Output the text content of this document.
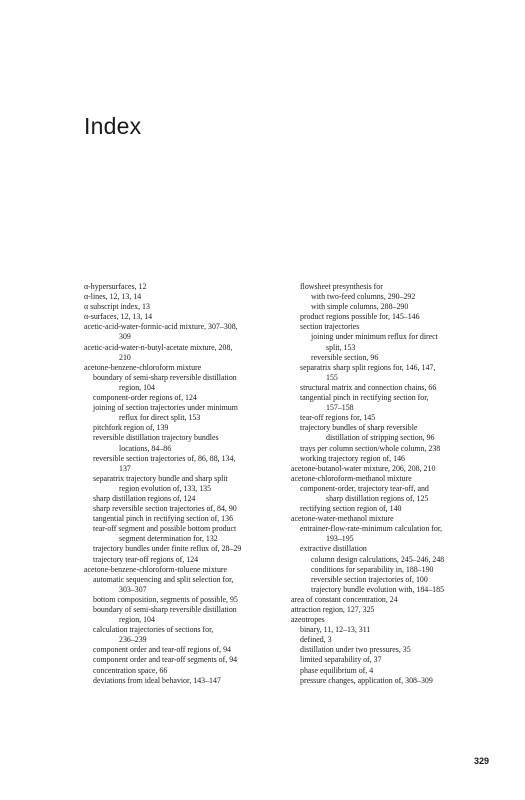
Index
α-hypersurfaces, 12
α-lines, 12, 13, 14
α subscript index, 13
α-surfaces, 12, 13, 14
acetic-acid-water-formic-acid mixture, 307–308,
309
acetic-acid-water-n-butyl-acetate mixture, 208,
210
acetone-benzene-chloroform mixture
boundary of semi-sharp reversible distillation
region, 104
component-order regions of, 124
joining of section trajectories under minimum
reflux for direct split, 153
pitchfork region of, 139
reversible distillation trajectory bundles
locations, 84–86
reversible section trajectories of, 86, 88, 134,
137
separatrix trajectory bundle and sharp split
region evolution of, 133, 135
sharp distillation regions of, 124
sharp reversible section trajectories of, 84, 90
tangential pinch in rectifying section of, 136
tear-off segment and possible bottom product
segment determination for, 132
trajectory bundles under finite reflux of, 28–29
trajectory tear-off regions of, 124
acetone-benzene-chloroform-toluene mixture
automatic sequencing and split selection for,
303–307
bottom composition, segments of possible, 95
boundary of semi-sharp reversible distillation
region, 104
calculation trajectories of sections for,
236–239
component order and tear-off regions of, 94
component order and tear-off segments of, 94
concentration space, 66
deviations from ideal behavior, 143–147
flowsheet presynthesis for
with two-feed columns, 290–292
with simple columns, 288–290
product regions possible for, 145–146
section trajectories
joining under minimum reflux for direct
split, 153
reversible section, 96
separatrix sharp split regions for, 146, 147,
155
structural matrix and connection chains, 66
tangential pinch in rectifying section for,
157–158
tear-off regions for, 145
trajectory bundles of sharp reversible
distillation of stripping section, 96
trays per column section/whole column, 238
working trajectory region of, 146
acetone-butanol-water mixture, 206, 208, 210
acetone-chloroform-methanol mixture
component-order, trajectory tear-off, and
sharp distillation regions of, 125
rectifying section region of, 140
acetone-water-methanol mixture
entrainer-flow-rate-minimum calculation for,
193–195
extractive distillation
column design calculations, 245–246, 248
conditions for separability in, 188–190
reversible section trajectories of, 100
trajectory bundle evolution with, 184–185
area of constant concentration, 24
attraction region, 127, 325
azeotropes
binary, 11, 12–13, 311
defined, 3
distillation under two pressures, 35
limited separability of, 37
phase equilibrium of, 4
pressure changes, application of, 308–309
329
